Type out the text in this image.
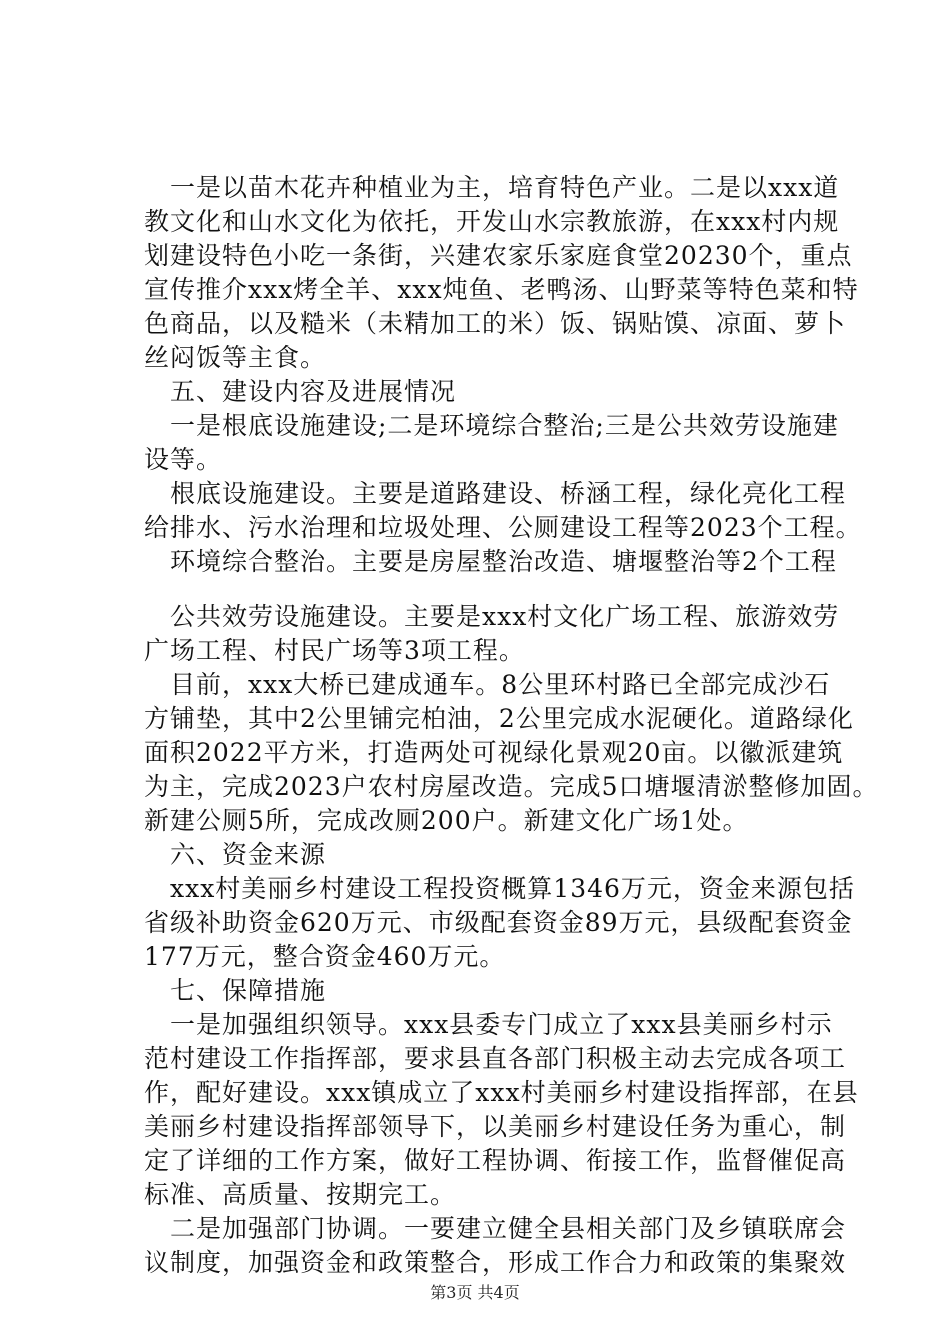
　一是以苗木花卉种植业为主，培育特色产业。二是以xxx道
教文化和山水文化为依托，开发山水宗教旅游，在xxx村内规
划建设特色小吃一条街，兴建农家乐家庭食堂20230个，重点
宣传推介xxx烤全羊、xxx炖鱼、老鸭汤、山野菜等特色菜和特
色商品，以及糙米（未精加工的米）饭、锅贴馍、凉面、萝卜
丝闷饭等主食。
　五、建设内容及进展情况
　一是根底设施建设;二是环境综合整治;三是公共效劳设施建
设等。
　根底设施建设。主要是道路建设、桥涵工程，绿化亮化工程
给排水、污水治理和垃圾处理、公厕建设工程等2023个工程。
　环境综合整治。主要是房屋整治改造、塘堰整治等2个工程
　公共效劳设施建设。主要是xxx村文化广场工程、旅游效劳
广场工程、村民广场等3项工程。
　目前，xxx大桥已建成通车。8公里环村路已全部完成沙石
方铺垫，其中2公里铺完柏油，2公里完成水泥硬化。道路绿化
面积2022平方米，打造两处可视绿化景观20亩。以徽派建筑
为主，完成2023户农村房屋改造。完成5口塘堰清淤整修加固。
新建公厕5所，完成改厕200户。新建文化广场1处。
　六、资金来源
　xxx村美丽乡村建设工程投资概算1346万元，资金来源包括
省级补助资金620万元、市级配套资金89万元，县级配套资金
177万元，整合资金460万元。
　七、保障措施
　一是加强组织领导。xxx县委专门成立了xxx县美丽乡村示
范村建设工作指挥部，要求县直各部门积极主动去完成各项工
作，配好建设。xxx镇成立了xxx村美丽乡村建设指挥部，在县
美丽乡村建设指挥部领导下，以美丽乡村建设任务为重心，制
定了详细的工作方案，做好工程协调、衔接工作，监督催促高
标准、高质量、按期完工。
　二是加强部门协调。一要建立健全县相关部门及乡镇联席会
议制度，加强资金和政策整合，形成工作合力和政策的集聚效
第3页 共4页
